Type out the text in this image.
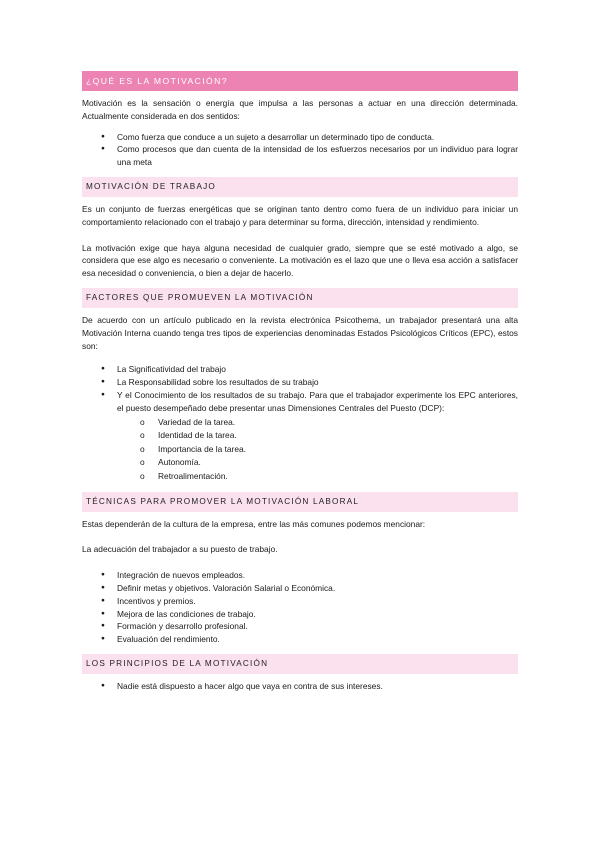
¿QUÉ ES LA MOTIVACIÓN?

Motivación es la sensación o energía que impulsa a las personas a actuar en una dirección determinada. Actualmente considerada en dos sentidos:

● Como fuerza que conduce a un sujeto a desarrollar un determinado tipo de conducta.
● Como procesos que dan cuenta de la intensidad de los esfuerzos necesarios por un individuo para lograr una meta
MOTIVACIÓN DE TRABAJO

Es un conjunto de fuerzas energéticas que se originan tanto dentro como fuera de un individuo para iniciar un comportamiento relacionado con el trabajo y para determinar su forma, dirección, intensidad y rendimiento.

La motivación exige que haya alguna necesidad de cualquier grado, siempre que se esté motivado a algo, se considera que ese algo es necesario o conveniente. La motivación es el lazo que une o lleva esa acción a satisfacer esa necesidad o conveniencia, o bien a dejar de hacerlo.

FACTORES QUE PROMUEVEN LA MOTIVACIÓN

De acuerdo con un artículo publicado en la revista electrónica Psicothema, un trabajador presentará una alta Motivación Interna cuando tenga tres tipos de experiencias denominadas Estados Psicológicos Críticos (EPC), estos son:

● La Significatividad del trabajo
● La Responsabilidad sobre los resultados de su trabajo
● Y el Conocimiento de los resultados de su trabajo. Para que el trabajador experimente los EPC anteriores, el puesto desempeñado debe presentar unas Dimensiones Centrales del Puesto (DCP):
o Variedad de la tarea.
o Identidad de la tarea.
o Importancia de la tarea.
o Autonomía.
o Retroalimentación.
TÉCNICAS PARA PROMOVER LA MOTIVACIÓN LABORAL

Estas dependerán de la cultura de la empresa, entre las más comunes podemos mencionar:

La adecuación del trabajador a su puesto de trabajo.

● Integración de nuevos empleados.
● Definir metas y objetivos. Valoración Salarial o Económica.
● Incentivos y premios.
● Mejora de las condiciones de trabajo.
● Formación y desarrollo profesional.
● Evaluación del rendimiento.
LOS PRINCIPIOS DE LA MOTIVACIÓN
● Nadie está dispuesto a hacer algo que vaya en contra de sus intereses.
